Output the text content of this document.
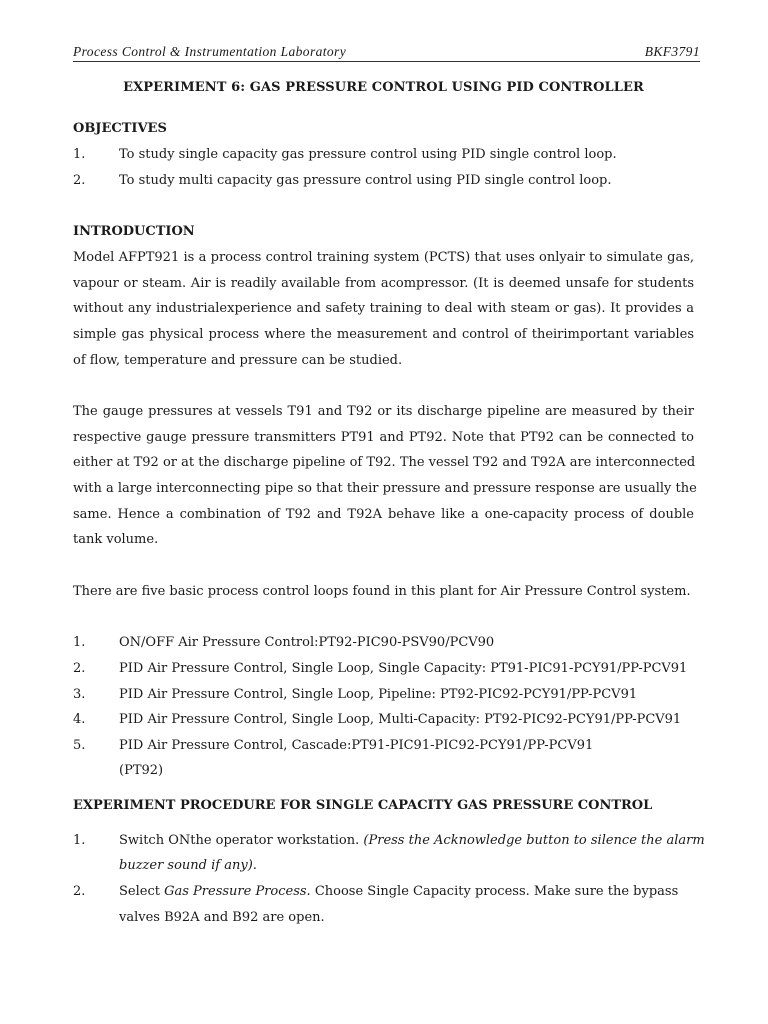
Process Control & Instrumentation Laboratory	BKF3791
EXPERIMENT 6: GAS PRESSURE CONTROL USING PID CONTROLLER
OBJECTIVES
1.	To study single capacity gas pressure control using PID single control loop.
2.	To study multi capacity gas pressure control using PID single control loop.
INTRODUCTION
Model AFPT921 is a process control training system (PCTS) that uses onlyair to simulate gas,
vapour or steam. Air is readily available from acompressor. (It is deemed unsafe for students
without any industrialexperience and safety training to deal with steam or gas). It provides a
simple gas physical process where the measurement and control of theirimportant variables
of flow, temperature and pressure can be studied.
The gauge pressures at vessels T91 and T92 or its discharge pipeline are measured by their
respective gauge pressure transmitters PT91 and PT92. Note that PT92 can be connected to
either at T92 or at the discharge pipeline of T92. The vessel T92 and T92A are interconnected
with a large interconnecting pipe so that their pressure and pressure response are usually the
same. Hence a combination of T92 and T92A behave like a one-capacity process of double
tank volume.
There are five basic process control loops found in this plant for Air Pressure Control system.
1.	ON/OFF Air Pressure Control:PT92-PIC90-PSV90/PCV90
2.	PID Air Pressure Control, Single Loop, Single Capacity: PT91-PIC91-PCY91/PP-PCV91
3.	PID Air Pressure Control, Single Loop, Pipeline: PT92-PIC92-PCY91/PP-PCV91
4.	PID Air Pressure Control, Single Loop, Multi-Capacity: PT92-PIC92-PCY91/PP-PCV91
5.	PID Air Pressure Control, Cascade:PT91-PIC91-PIC92-PCY91/PP-PCV91
(PT92)
EXPERIMENT PROCEDURE FOR SINGLE CAPACITY GAS PRESSURE CONTROL
1.	Switch ONthe operator workstation. (Press the Acknowledge button to silence the alarm
buzzer sound if any).
2.	Select Gas Pressure Process. Choose Single Capacity process. Make sure the bypass
valves B92A and B92 are open.
